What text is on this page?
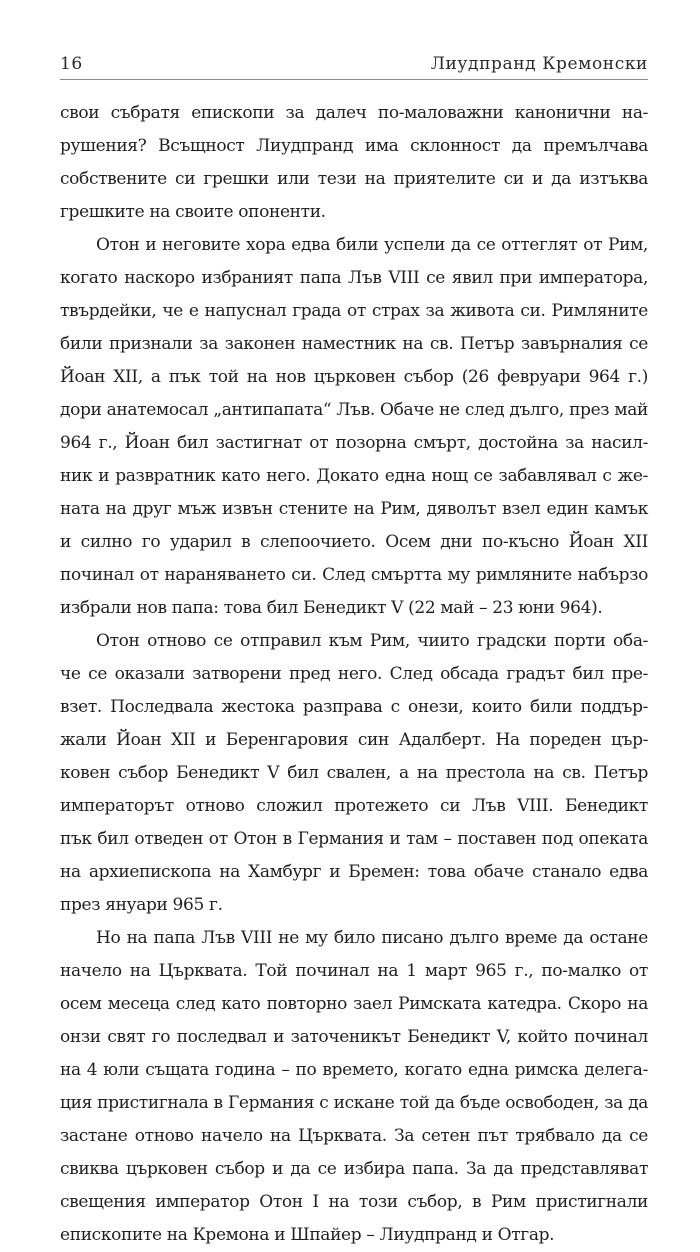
16	Лиудпранд Кремонски
свои събратя епископи за далеч по-маловажни канонични на-
рушения? Всъщност Лиудпранд има склонност да премълчава
собствените си грешки или тези на приятелите си и да изтъква
грешките на своите опоненти.
Отон и неговите хора едва били успели да се оттеглят от Рим,
когато наскоро избраният папа Лъв VIII се явил при императора,
твърдейки, че е напуснал града от страх за живота си. Римляните
били признали за законен наместник на св. Петър завърналия се
Йоан XII, а пък той на нов църковен събор (26 февруари 964 г.)
дори анатемосал „антипапата“ Лъв. Обаче не след дълго, през май
964 г., Йоан бил застигнат от позорна смърт, достойна за насил-
ник и развратник като него. Докато една нощ се забавлявал с же-
ната на друг мъж извън стените на Рим, дяволът взел един камък
и силно го ударил в слепоочието. Осем дни по-късно Йоан XII
починал от нараняването си. След смъртта му римляните набързо
избрали нов папа: това бил Бенедикт V (22 май – 23 юни 964).
Отон отново се отправил към Рим, чиито градски порти оба-
че се оказали затворени пред него. След обсада градът бил пре-
взет. Последвала жестока разправа с онези, които били поддър-
жали Йоан XII и Беренгаровия син Адалберт. На пореден цър-
ковен събор Бенедикт V бил свален, а на престола на св. Петър
императорът отново сложил протежето си Лъв VIII. Бенедикт
пък бил отведен от Отон в Германия и там – поставен под опеката
на архиепископа на Хамбург и Бремен: това обаче станало едва
през януари 965 г.
Но на папа Лъв VIII не му било писано дълго време да остане
начело на Църквата. Той починал на 1 март 965 г., по-малко от
осем месеца след като повторно заел Римската катедра. Скоро на
онзи свят го последвал и заточеникът Бенедикт V, който починал
на 4 юли същата година – по времето, когато една римска делега-
ция пристигнала в Германия с искане той да бъде освободен, за да
застане отново начело на Църквата. За сетен път трябвало да се
свиква църковен събор и да се избира папа. За да представляват
свещения император Отон I на този събор, в Рим пристигнали
епископите на Кремона и Шпайер – Лиудпранд и Отгар.
